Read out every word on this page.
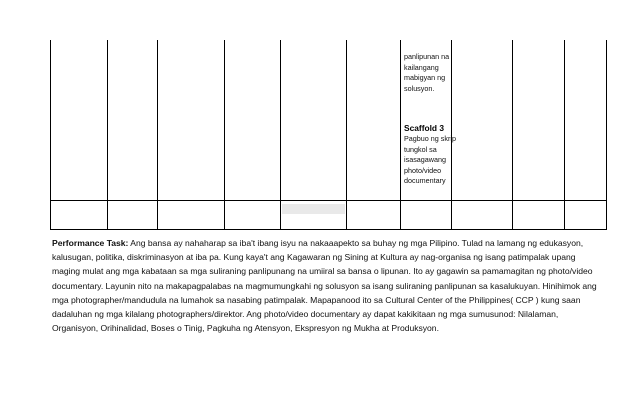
panlipunan na kailangang mabigyan ng solusyon.
Scaffold 3
Pagbuo ng skrip tungkol sa isasagawang photo/video documentary
Performance Task: Ang bansa ay nahaharap sa iba't ibang isyu na nakaaapekto sa buhay ng mga Pilipino. Tulad na lamang ng edukasyon, kalusugan, politika, diskriminasyon at iba pa. Kung kaya't ang Kagawaran ng Sining at Kultura ay nag-organisa ng isang patimpalak upang maging mulat ang mga kabataan sa mga suliraning panlipunang na umiiral sa bansa o lipunan. Ito ay gagawin sa pamamagitan ng photo/video documentary. Layunin nito na makapagpalabas na magmumungkahi ng solusyon sa isang suliraning panlipunan sa kasalukuyan. Hinihimok ang mga photographer/mandudula na lumahok sa nasabing patimpalak. Mapapanood ito sa Cultural Center of the Philippines( CCP ) kung saan dadaluhan ng mga kilalang photographers/direktor. Ang photo/video documentary ay dapat kakikitaan ng mga sumusunod: Nilalaman, Organisyon, Orihinalidad, Boses o Tinig, Pagkuha ng Atensyon, Ekspresyon ng Mukha at Produksyon.
